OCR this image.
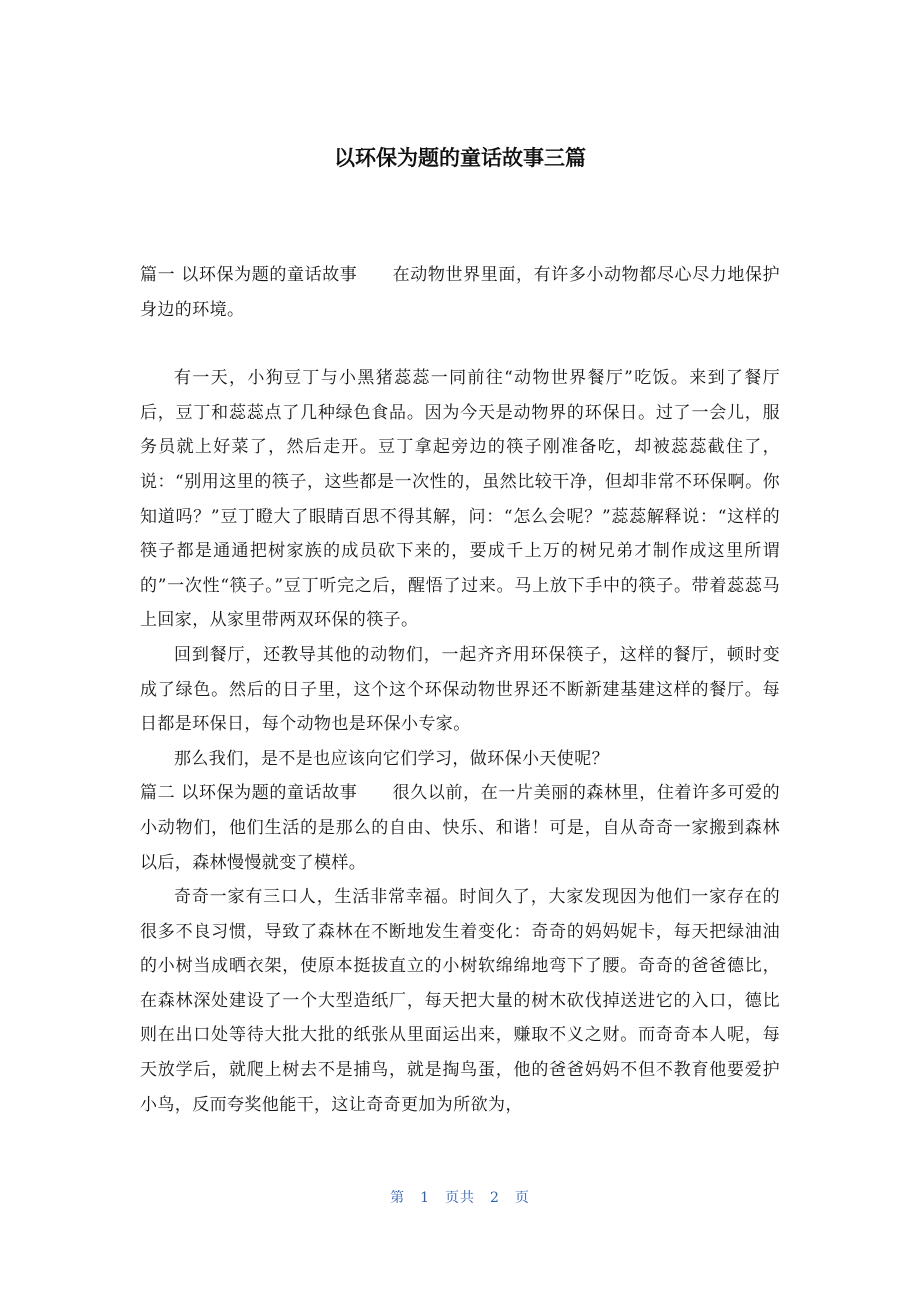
以环保为题的童话故事三篇

篇一 以环保为题的童话故事　　在动物世界里面，有许多小动物都尽心尽力地保护身边的环境。

有一天，小狗豆丁与小黑猪蕊蕊一同前往“动物世界餐厅”吃饭。来到了餐厅后，豆丁和蕊蕊点了几种绿色食品。因为今天是动物界的环保日。过了一会儿，服务员就上好菜了，然后走开。豆丁拿起旁边的筷子刚准备吃，却被蕊蕊截住了，说：“别用这里的筷子，这些都是一次性的，虽然比较干净，但却非常不环保啊。你知道吗？”豆丁瞪大了眼睛百思不得其解，问：“怎么会呢？”蕊蕊解释说：“这样的筷子都是通通把树家族的成员砍下来的，要成千上万的树兄弟才制作成这里所谓的”一次性“筷子。”豆丁听完之后，醒悟了过来。马上放下手中的筷子。带着蕊蕊马上回家，从家里带两双环保的筷子。

回到餐厅，还教导其他的动物们，一起齐齐用环保筷子，这样的餐厅，顿时变成了绿色。然后的日子里，这个这个环保动物世界还不断新建基建这样的餐厅。每日都是环保日，每个动物也是环保小专家。

那么我们，是不是也应该向它们学习，做环保小天使呢？

篇二 以环保为题的童话故事　　很久以前，在一片美丽的森林里，住着许多可爱的小动物们，他们生活的是那么的自由、快乐、和谐！可是，自从奇奇一家搬到森林以后，森林慢慢就变了模样。

奇奇一家有三口人，生活非常幸福。时间久了，大家发现因为他们一家存在的很多不良习惯，导致了森林在不断地发生着变化：奇奇的妈妈妮卡，每天把绿油油的小树当成晒衣架，使原本挺拔直立的小树软绵绵地弯下了腰。奇奇的爸爸德比，在森林深处建设了一个大型造纸厂，每天把大量的树木砍伐掉送进它的入口，德比则在出口处等待大批大批的纸张从里面运出来，赚取不义之财。而奇奇本人呢，每天放学后，就爬上树去不是捕鸟，就是掏鸟蛋，他的爸爸妈妈不但不教育他要爱护小鸟，反而夸奖他能干，这让奇奇更加为所欲为，

第　1　页共　2　页
